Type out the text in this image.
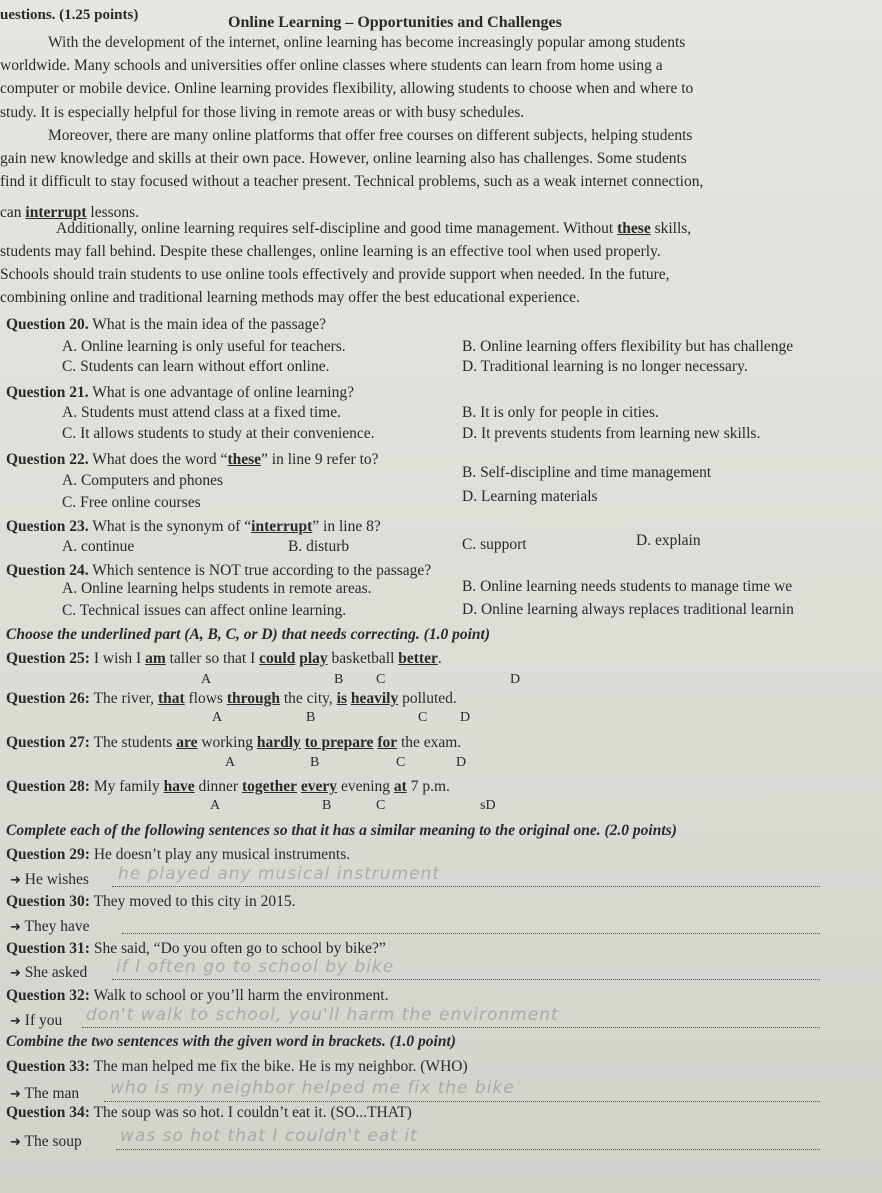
uestions. (1.25 points)	Online Learning – Opportunities and Challenges
With the development of the internet, online learning has become increasingly popular among students
worldwide. Many schools and universities offer online classes where students can learn from home using a
computer or mobile device. Online learning provides flexibility, allowing students to choose when and where to
study. It is especially helpful for those living in remote areas or with busy schedules.
Moreover, there are many online platforms that offer free courses on different subjects, helping students
gain new knowledge and skills at their own pace. However, online learning also has challenges. Some students
find it difficult to stay focused without a teacher present. Technical problems, such as a weak internet connection,
can interrupt lessons.
Additionally, online learning requires self-discipline and good time management. Without these skills,
students may fall behind. Despite these challenges, online learning is an effective tool when used properly.
Schools should train students to use online tools effectively and provide support when needed. In the future,
combining online and traditional learning methods may offer the best educational experience.
Question 20. What is the main idea of the passage?
A. Online learning is only useful for teachers.	B. Online learning offers flexibility but has challenge
C. Students can learn without effort online.	D. Traditional learning is no longer necessary.
Question 21. What is one advantage of online learning?
A. Students must attend class at a fixed time.	B. It is only for people in cities.
C. It allows students to study at their convenience.	D. It prevents students from learning new skills.
Question 22. What does the word “these” in line 9 refer to?
A. Computers and phones	B. Self-discipline and time management
C. Free online courses	D. Learning materials
Question 23. What is the synonym of “interrupt” in line 8?
A. continue	B. disturb	C. support	D. explain
Question 24. Which sentence is NOT true according to the passage?
A. Online learning helps students in remote areas.	B. Online learning needs students to manage time we
C. Technical issues can affect online learning.	D. Online learning always replaces traditional learnin
Choose the underlined part (A, B, C, or D) that needs correcting. (1.0 point)
Question 25: I wish I am taller so that I could play basketball better.
A	B C	D
Question 26: The river, that flows through the city, is heavily polluted.
A	B	C D
Question 27: The students are working hardly to prepare for the exam.
A	B	C	D
Question 28: My family have dinner together every evening at 7 p.m.
A	B	C	sD
Complete each of the following sentences so that it has a similar meaning to the original one. (2.0 points)
Question 29: He doesn’t play any musical instruments.
➜ He wishes he played any musical instrument
Question 30: They moved to this city in 2015.
➜ They have
Question 31: She said, “Do you often go to school by bike?”
➜ She asked if I often go to school by bike
Question 32: Walk to school or you’ll harm the environment.
➜ If you don't walk to school, you'll harm the environment
Combine the two sentences with the given word in brackets. (1.0 point)
Question 33: The man helped me fix the bike. He is my neighbor. (WHO)
➜ The man who is my neighbor helped me fix the bike
Question 34: The soup was so hot. I couldn’t eat it. (SO...THAT)
➜ The soup was so hot that I couldn't eat it
